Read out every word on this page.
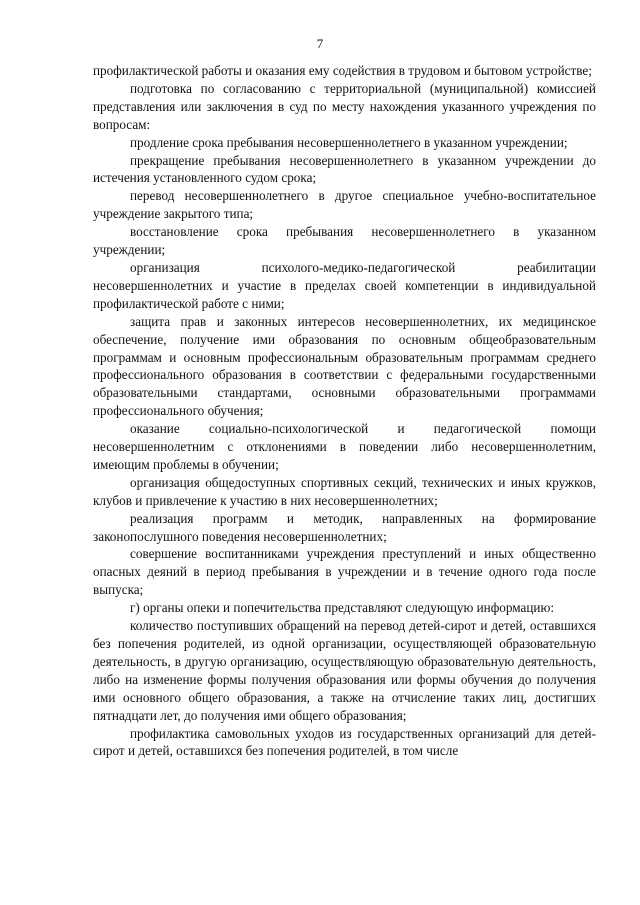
7

профилактической работы и оказания ему содействия в трудовом и бытовом устройстве;

подготовка по согласованию с территориальной (муниципальной) комиссией представления или заключения в суд по месту нахождения указанного учреждения по вопросам:

продление срока пребывания несовершеннолетнего в указанном учреждении;

прекращение пребывания несовершеннолетнего в указанном учреждении до истечения установленного судом срока;

перевод несовершеннолетнего в другое специальное учебно-воспитательное учреждение закрытого типа;

восстановление срока пребывания несовершеннолетнего в указанном учреждении;

организация психолого-медико-педагогической реабилитации несовершеннолетних и участие в пределах своей компетенции в индивидуальной профилактической работе с ними;

защита прав и законных интересов несовершеннолетних, их медицинское обеспечение, получение ими образования по основным общеобразовательным программам и основным профессиональным образовательным программам среднего профессионального образования в соответствии с федеральными государственными образовательными стандартами, основными образовательными программами профессионального обучения;

оказание социально-психологической и педагогической помощи несовершеннолетним с отклонениями в поведении либо несовершеннолетним, имеющим проблемы в обучении;

организация общедоступных спортивных секций, технических и иных кружков, клубов и привлечение к участию в них несовершеннолетних;

реализация программ и методик, направленных на формирование законопослушного поведения несовершеннолетних;

совершение воспитанниками учреждения преступлений и иных общественно опасных деяний в период пребывания в учреждении и в течение одного года после выпуска;

г) органы опеки и попечительства представляют следующую информацию:

количество поступивших обращений на перевод детей-сирот и детей, оставшихся без попечения родителей, из одной организации, осуществляющей образовательную деятельность, в другую организацию, осуществляющую образовательную деятельность, либо на изменение формы получения образования или формы обучения до получения ими основного общего образования, а также на отчисление таких лиц, достигших пятнадцати лет, до получения ими общего образования;

профилактика самовольных уходов из государственных организаций для детей-сирот и детей, оставшихся без попечения родителей, в том числе
